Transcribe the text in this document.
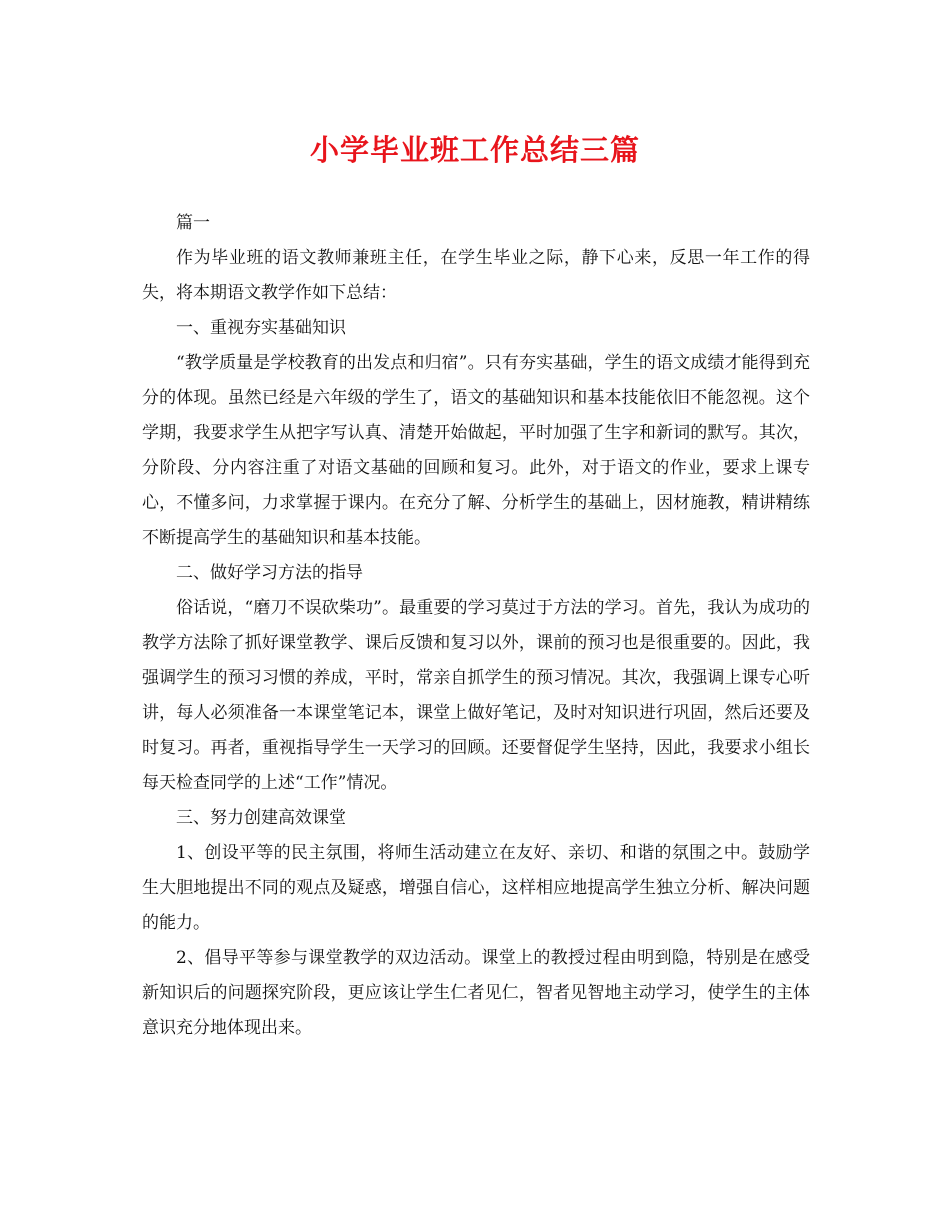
小学毕业班工作总结三篇

篇一

作为毕业班的语文教师兼班主任，在学生毕业之际，静下心来，反思一年工作的得失，将本期语文教学作如下总结：

一、重视夯实基础知识

“教学质量是学校教育的出发点和归宿”。只有夯实基础，学生的语文成绩才能得到充分的体现。虽然已经是六年级的学生了，语文的基础知识和基本技能依旧不能忽视。这个学期，我要求学生从把字写认真、清楚开始做起，平时加强了生字和新词的默写。其次，分阶段、分内容注重了对语文基础的回顾和复习。此外，对于语文的作业，要求上课专心，不懂多问，力求掌握于课内。在充分了解、分析学生的基础上，因材施教，精讲精练不断提高学生的基础知识和基本技能。

二、做好学习方法的指导

俗话说，“磨刀不误砍柴功”。最重要的学习莫过于方法的学习。首先，我认为成功的教学方法除了抓好课堂教学、课后反馈和复习以外，课前的预习也是很重要的。因此，我强调学生的预习习惯的养成，平时，常亲自抓学生的预习情况。其次，我强调上课专心听讲，每人必须准备一本课堂笔记本，课堂上做好笔记，及时对知识进行巩固，然后还要及时复习。再者，重视指导学生一天学习的回顾。还要督促学生坚持，因此，我要求小组长每天检查同学的上述“工作”情况。

三、努力创建高效课堂

1、创设平等的民主氛围，将师生活动建立在友好、亲切、和谐的氛围之中。鼓励学生大胆地提出不同的观点及疑惑，增强自信心，这样相应地提高学生独立分析、解决问题的能力。

2、倡导平等参与课堂教学的双边活动。课堂上的教授过程由明到隐，特别是在感受新知识后的问题探究阶段，更应该让学生仁者见仁，智者见智地主动学习，使学生的主体意识充分地体现出来。
